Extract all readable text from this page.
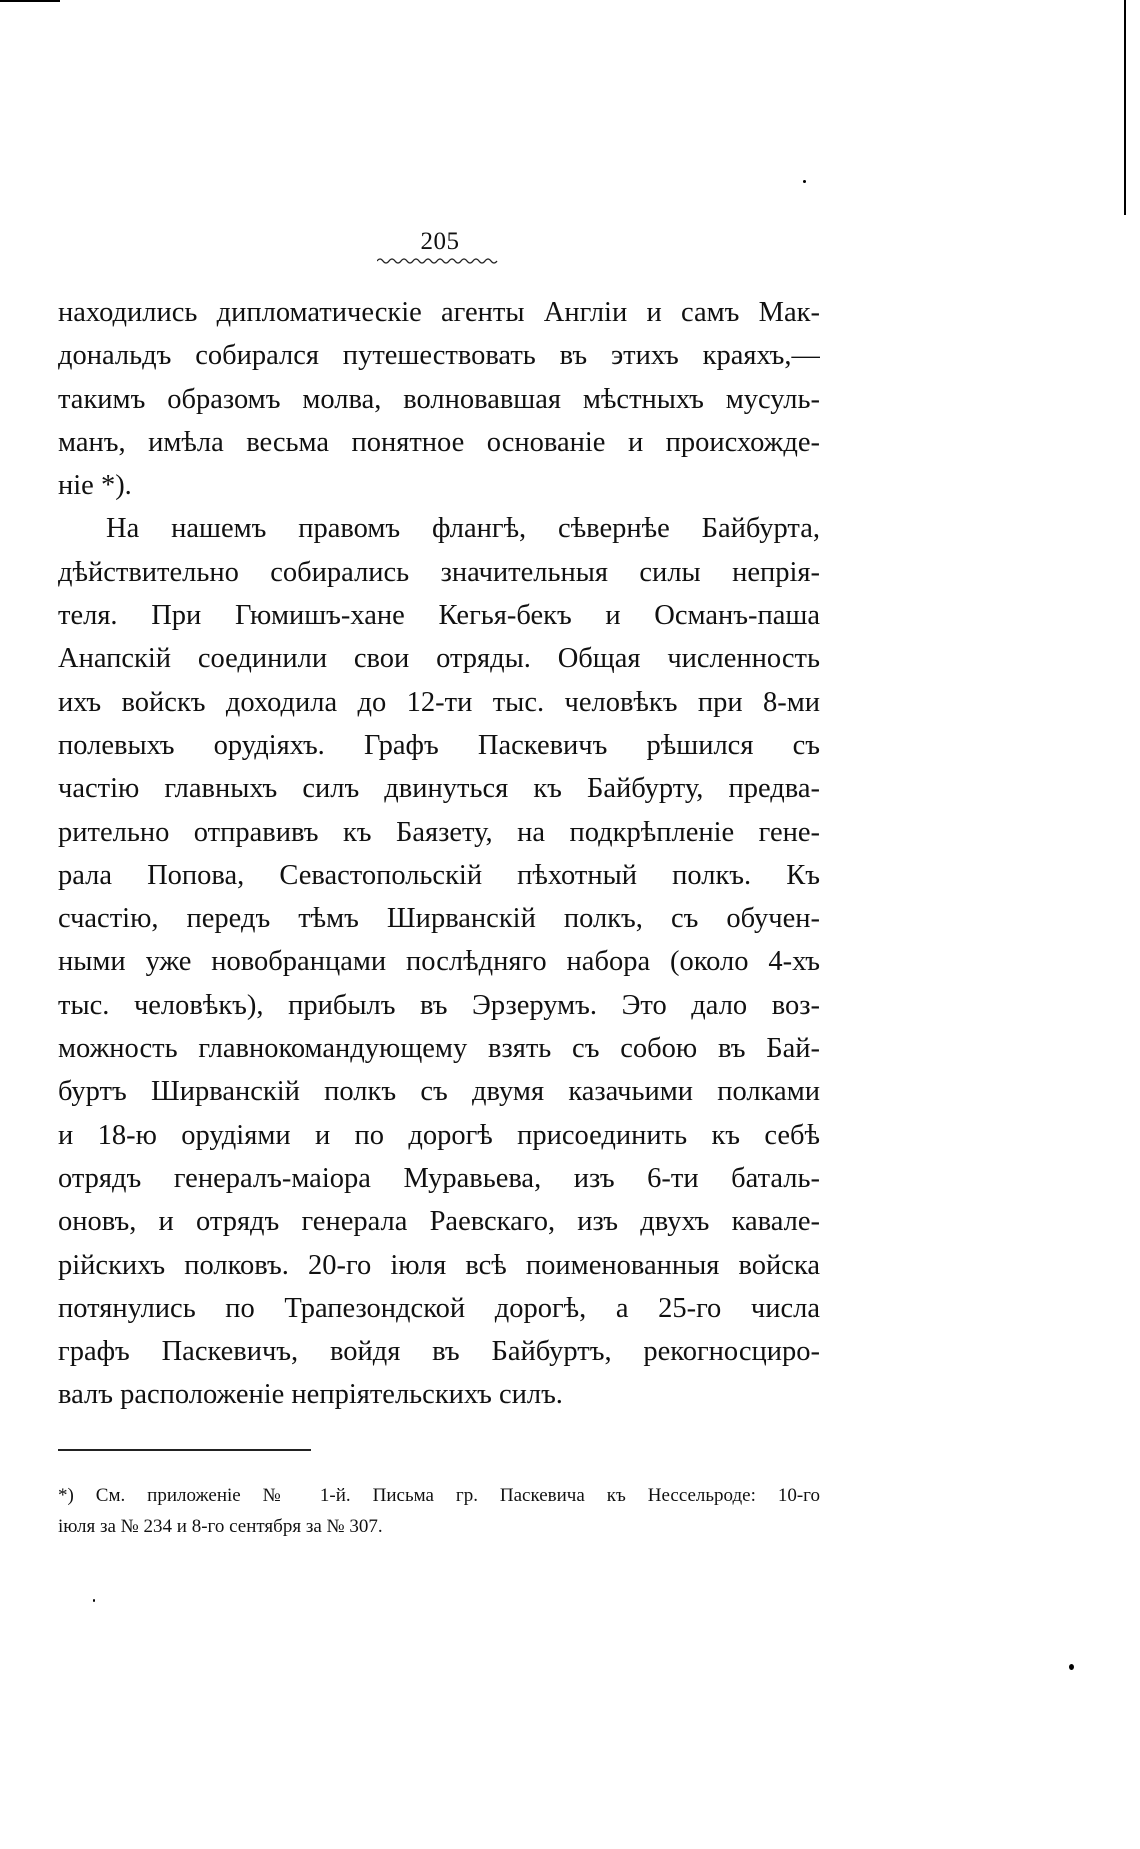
205
находились дипломатическіе агенты Англіи и самъ Мак-
дональдъ собирался путешествовать въ этихъ краяхъ,—
такимъ образомъ молва, волновавшая мѣстныхъ мусуль-
манъ, имѣла весьма понятное основаніе и происхожде-
ніе *).
На нашемъ правомъ флангѣ, сѣвернѣе Байбурта,
дѣйствительно собирались значительныя силы непрія-
теля. При Гюмишъ-хане Кегья-бекъ и Османъ-паша
Анапскій соединили свои отряды. Общая численность
ихъ войскъ доходила до 12-ти тыс. человѣкъ при 8-ми
полевыхъ орудіяхъ. Графъ Паскевичъ рѣшился съ
частію главныхъ силъ двинуться къ Байбурту, предва-
рительно отправивъ къ Баязету, на подкрѣпленіе гене-
рала Попова, Севастопольскій пѣхотный полкъ. Къ
счастію, передъ тѣмъ Ширванскій полкъ, съ обучен-
ными уже новобранцами послѣдняго набора (около 4-хъ
тыс. человѣкъ), прибылъ въ Эрзерумъ. Это дало воз-
можность главнокомандующему взять съ собою въ Бай-
буртъ Ширванскій полкъ съ двумя казачьими полками
и 18-ю орудіями и по дорогѣ присоединить къ себѣ
отрядъ генералъ-маіора Муравьева, изъ 6-ти баталь-
оновъ, и отрядъ генерала Раевскаго, изъ двухъ кавале-
рійскихъ полковъ. 20-го іюля всѣ поименованныя войска
потянулись по Трапезондской дорогѣ, а 25-го числа
графъ Паскевичъ, войдя въ Байбуртъ, рекогносциро-
валъ расположеніе непріятельскихъ силъ.
*) См. приложеніе № 1-й. Письма гр. Паскевича къ Нессельроде: 10-го
іюля за № 234 и 8-го сентября за № 307.
